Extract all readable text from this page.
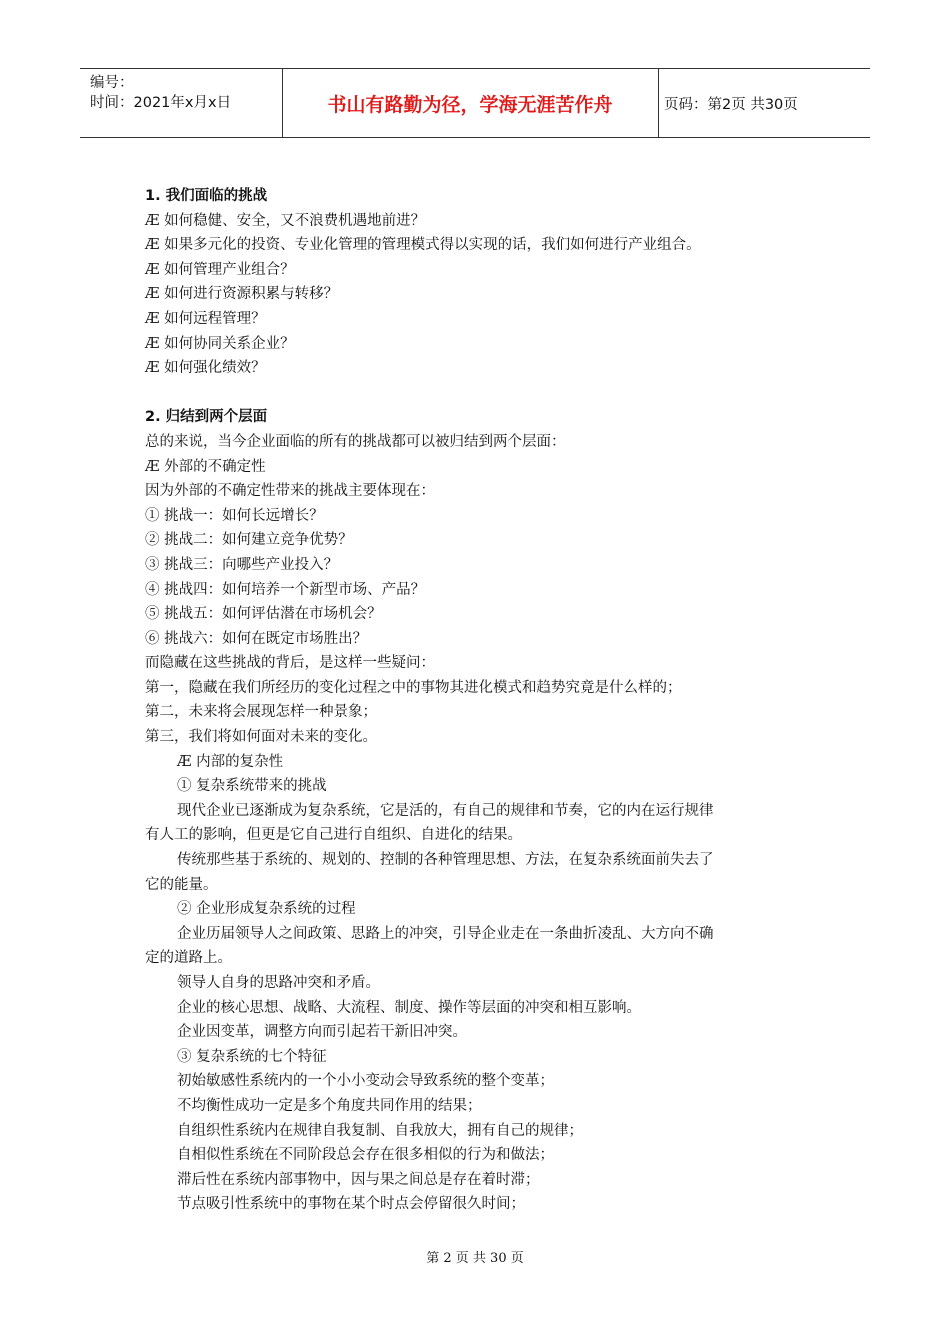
编号：
时间：2021年x月x日	书山有路勤为径，学海无涯苦作舟	页码：第2页 共30页
1. 我们面临的挑战
Æ 如何稳健、安全，又不浪费机遇地前进？
Æ 如果多元化的投资、专业化管理的管理模式得以实现的话，我们如何进行产业组合。
Æ 如何管理产业组合？
Æ 如何进行资源积累与转移？
Æ 如何远程管理？
Æ 如何协同关系企业？
Æ 如何强化绩效？
2. 归结到两个层面
总的来说，当今企业面临的所有的挑战都可以被归结到两个层面：
Æ 外部的不确定性
因为外部的不确定性带来的挑战主要体现在：
① 挑战一：如何长远增长？
② 挑战二：如何建立竞争优势？
③ 挑战三：向哪些产业投入？
④ 挑战四：如何培养一个新型市场、产品？
⑤ 挑战五：如何评估潜在市场机会？
⑥ 挑战六：如何在既定市场胜出？
而隐藏在这些挑战的背后，是这样一些疑问：
第一，隐藏在我们所经历的变化过程之中的事物其进化模式和趋势究竟是什么样的；
第二，未来将会展现怎样一种景象；
第三，我们将如何面对未来的变化。
Æ 内部的复杂性
① 复杂系统带来的挑战
现代企业已逐渐成为复杂系统，它是活的，有自己的规律和节奏，它的内在运行规律
有人工的影响，但更是它自己进行自组织、自进化的结果。
传统那些基于系统的、规划的、控制的各种管理思想、方法，在复杂系统面前失去了
它的能量。
② 企业形成复杂系统的过程
企业历届领导人之间政策、思路上的冲突，引导企业走在一条曲折凌乱、大方向不确
定的道路上。
领导人自身的思路冲突和矛盾。
企业的核心思想、战略、大流程、制度、操作等层面的冲突和相互影响。
企业因变革，调整方向而引起若干新旧冲突。
③ 复杂系统的七个特征
初始敏感性系统内的一个小小变动会导致系统的整个变革；
不均衡性成功一定是多个角度共同作用的结果；
自组织性系统内在规律自我复制、自我放大，拥有自己的规律；
自相似性系统在不同阶段总会存在很多相似的行为和做法；
滞后性在系统内部事物中，因与果之间总是存在着时滞；
节点吸引性系统中的事物在某个时点会停留很久时间；
第 2 页 共 30 页
